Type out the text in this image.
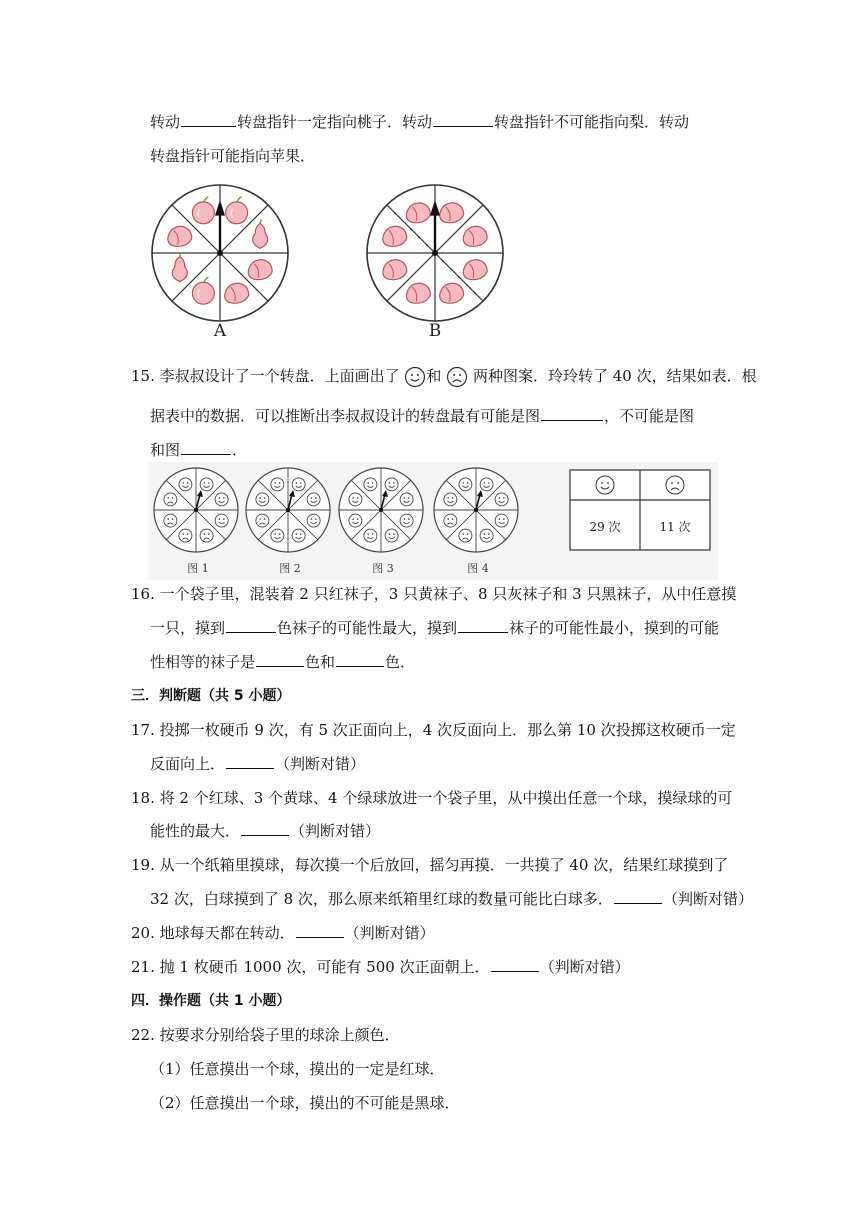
转动	转盘指针一定指向桃子．转动	转盘指针不可能指向梨．转动
转盘指针可能指向苹果．
A	B
15. 李叔叔设计了一个转盘．上面画出了 和 两种图案．玲玲转了 40 次，结果如表．根
据表中的数据．可以推断出李叔叔设计的转盘最有可能是图	，不可能是图
和图	．
图 1	图 2	图 3	图 4
29 次	11 次
16. 一个袋子里，混装着 2 只红袜子，3 只黄袜子、8 只灰袜子和 3 只黑袜子，从中任意摸
一只，摸到	色袜子的可能性最大，摸到	袜子的可能性最小，摸到的可能
性相等的袜子是	色和	色．
三．判断题（共 5 小题）
17. 投掷一枚硬币 9 次，有 5 次正面向上，4 次反面向上．那么第 10 次投掷这枚硬币一定
反面向上．	（判断对错）
18. 将 2 个红球、3 个黄球、4 个绿球放进一个袋子里，从中摸出任意一个球，摸绿球的可
能性的最大．	（判断对错）
19. 从一个纸箱里摸球，每次摸一个后放回，摇匀再摸．一共摸了 40 次，结果红球摸到了
32 次，白球摸到了 8 次，那么原来纸箱里红球的数量可能比白球多．	（判断对错）
20. 地球每天都在转动．	（判断对错）
21. 抛 1 枚硬币 1000 次，可能有 500 次正面朝上．	（判断对错）
四．操作题（共 1 小题）
22. 按要求分别给袋子里的球涂上颜色．
（1）任意摸出一个球，摸出的一定是红球．
（2）任意摸出一个球，摸出的不可能是黑球．
